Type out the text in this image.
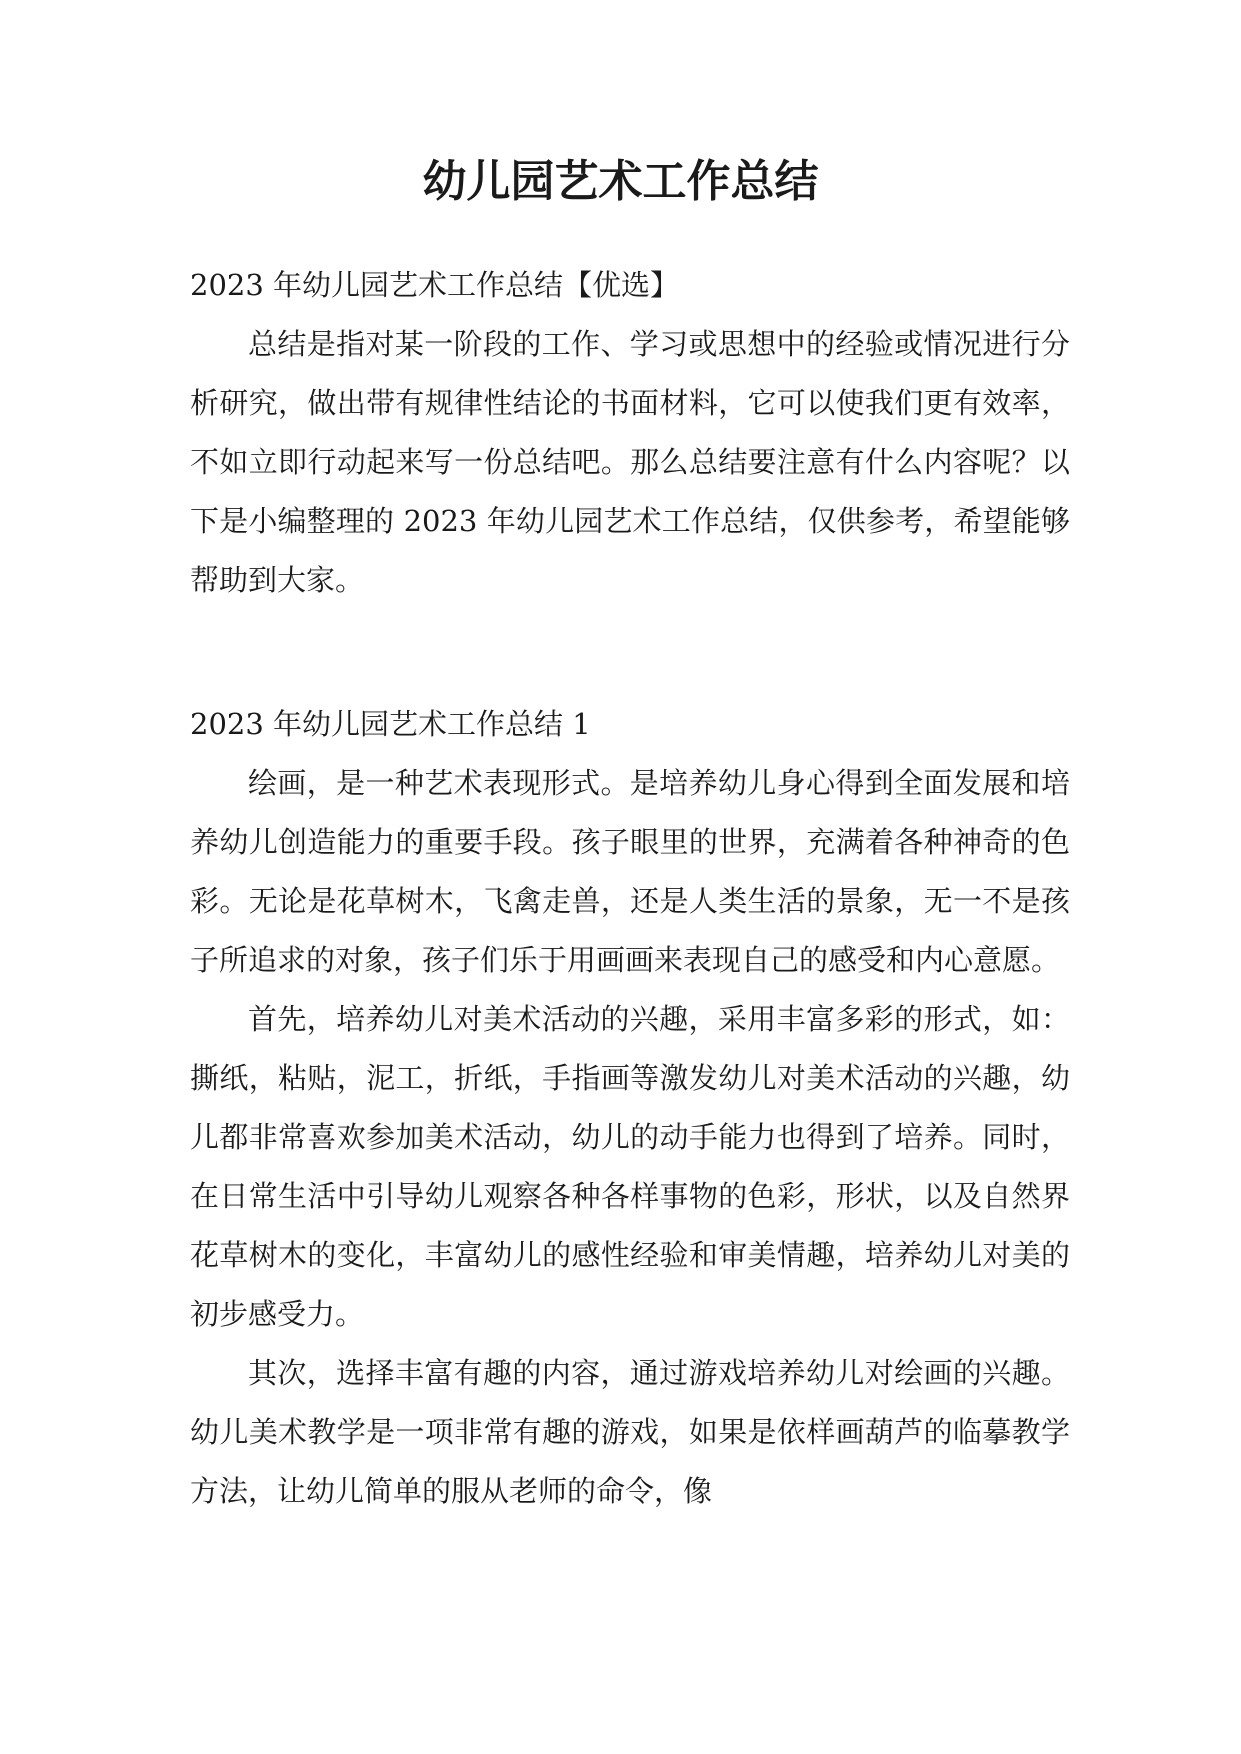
幼儿园艺术工作总结

2023 年幼儿园艺术工作总结【优选】

总结是指对某一阶段的工作、学习或思想中的经验或情况进行分析研究，做出带有规律性结论的书面材料，它可以使我们更有效率，不如立即行动起来写一份总结吧。那么总结要注意有什么内容呢？以下是小编整理的 2023 年幼儿园艺术工作总结，仅供参考，希望能够帮助到大家。

2023 年幼儿园艺术工作总结 1

绘画，是一种艺术表现形式。是培养幼儿身心得到全面发展和培养幼儿创造能力的重要手段。孩子眼里的世界，充满着各种神奇的色彩。无论是花草树木，飞禽走兽，还是人类生活的景象，无一不是孩子所追求的对象，孩子们乐于用画画来表现自己的感受和内心意愿。

首先，培养幼儿对美术活动的兴趣，采用丰富多彩的形式，如：撕纸，粘贴，泥工，折纸，手指画等激发幼儿对美术活动的兴趣，幼儿都非常喜欢参加美术活动，幼儿的动手能力也得到了培养。同时，在日常生活中引导幼儿观察各种各样事物的色彩，形状，以及自然界花草树木的变化，丰富幼儿的感性经验和审美情趣，培养幼儿对美的初步感受力。

其次，选择丰富有趣的内容，通过游戏培养幼儿对绘画的兴趣。幼儿美术教学是一项非常有趣的游戏，如果是依样画葫芦的临摹教学方法，让幼儿简单的服从老师的命令，像
